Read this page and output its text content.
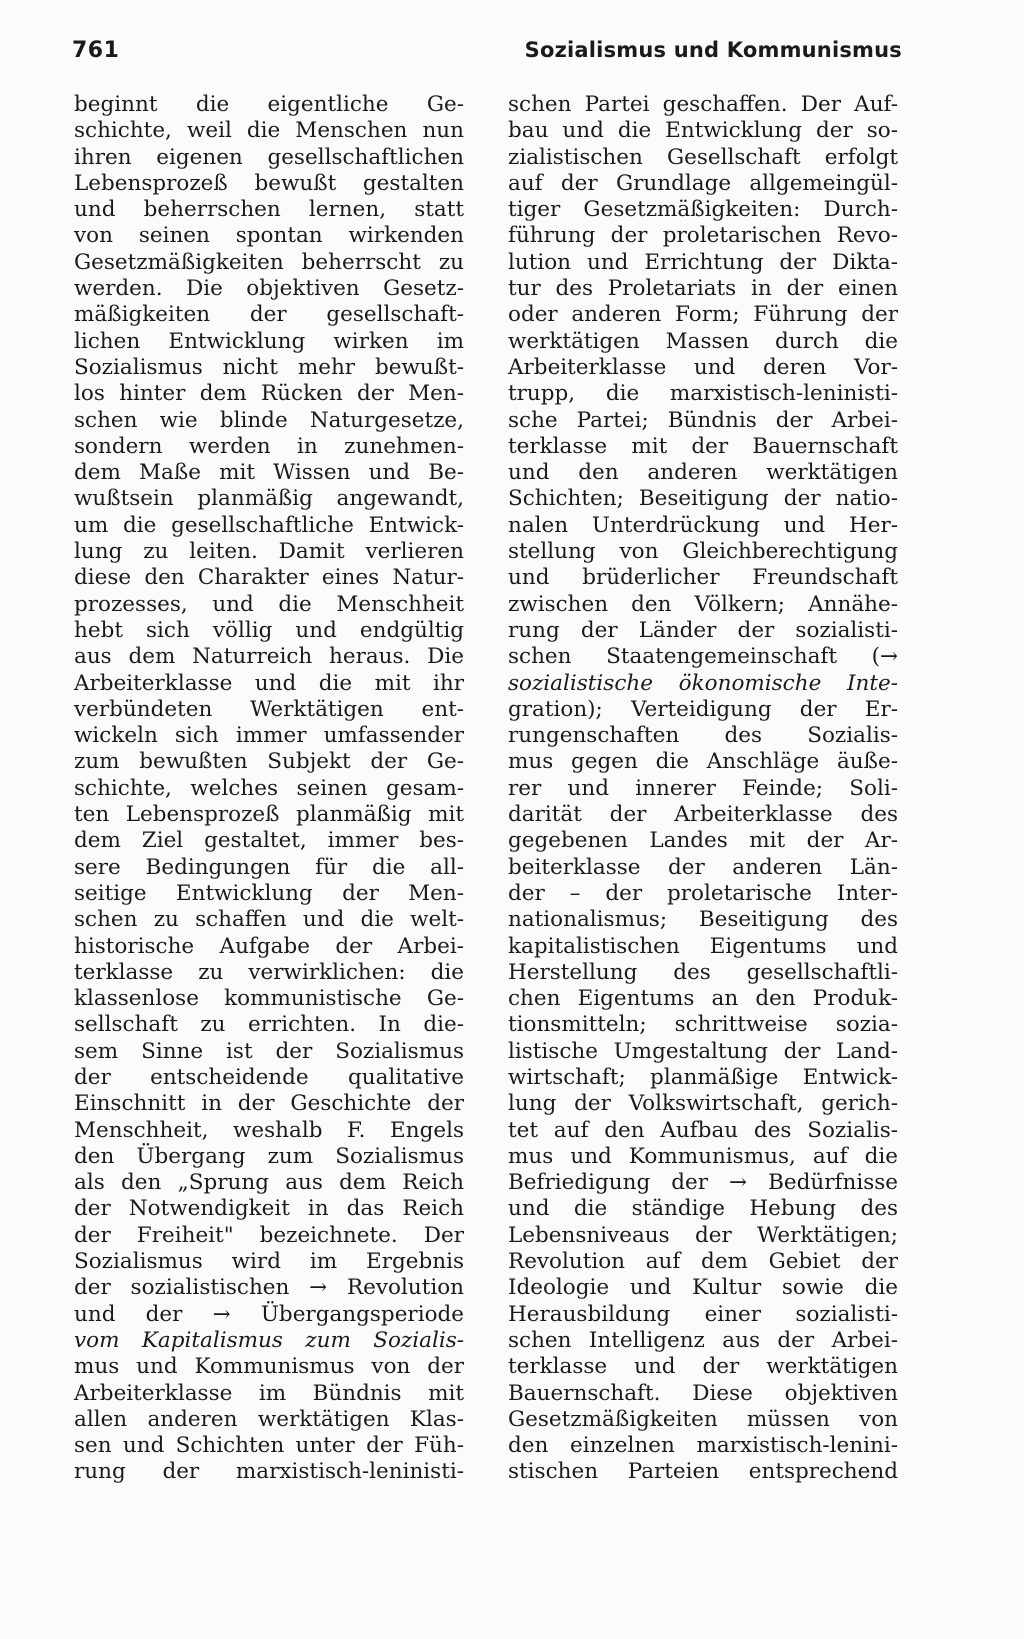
761	Sozialismus und Kommunismus
beginnt die eigentliche Ge-
schichte, weil die Menschen nun
ihren eigenen gesellschaftlichen
Lebensprozeß bewußt gestalten
und beherrschen lernen, statt
von seinen spontan wirkenden
Gesetzmäßigkeiten beherrscht zu
werden. Die objektiven Gesetz-
mäßigkeiten der gesellschaft-
lichen Entwicklung wirken im
Sozialismus nicht mehr bewußt-
los hinter dem Rücken der Men-
schen wie blinde Naturgesetze,
sondern werden in zunehmen-
dem Maße mit Wissen und Be-
wußtsein planmäßig angewandt,
um die gesellschaftliche Entwick-
lung zu leiten. Damit verlieren
diese den Charakter eines Natur-
prozesses, und die Menschheit
hebt sich völlig und endgültig
aus dem Naturreich heraus. Die
Arbeiterklasse und die mit ihr
verbündeten Werktätigen ent-
wickeln sich immer umfassender
zum bewußten Subjekt der Ge-
schichte, welches seinen gesam-
ten Lebensprozeß planmäßig mit
dem Ziel gestaltet, immer bes-
sere Bedingungen für die all-
seitige Entwicklung der Men-
schen zu schaffen und die welt-
historische Aufgabe der Arbei-
terklasse zu verwirklichen: die
klassenlose kommunistische Ge-
sellschaft zu errichten. In die-
sem Sinne ist der Sozialismus
der entscheidende qualitative
Einschnitt in der Geschichte der
Menschheit, weshalb F. Engels
den Übergang zum Sozialismus
als den „Sprung aus dem Reich
der Notwendigkeit in das Reich
der Freiheit" bezeichnete. Der
Sozialismus wird im Ergebnis
der sozialistischen → Revolution
und der → Übergangsperiode
vom Kapitalismus zum Sozialis-
mus und Kommunismus von der
Arbeiterklasse im Bündnis mit
allen anderen werktätigen Klas-
sen und Schichten unter der Füh-
rung der marxistisch-leninisti-
schen Partei geschaffen. Der Auf-
bau und die Entwicklung der so-
zialistischen Gesellschaft erfolgt
auf der Grundlage allgemeingül-
tiger Gesetzmäßigkeiten: Durch-
führung der proletarischen Revo-
lution und Errichtung der Dikta-
tur des Proletariats in der einen
oder anderen Form; Führung der
werktätigen Massen durch die
Arbeiterklasse und deren Vor-
trupp, die marxistisch-leninisti-
sche Partei; Bündnis der Arbei-
terklasse mit der Bauernschaft
und den anderen werktätigen
Schichten; Beseitigung der natio-
nalen Unterdrückung und Her-
stellung von Gleichberechtigung
und brüderlicher Freundschaft
zwischen den Völkern; Annähe-
rung der Länder der sozialisti-
schen Staatengemeinschaft (→
sozialistische ökonomische Inte-
gration); Verteidigung der Er-
rungenschaften des Sozialis-
mus gegen die Anschläge äuße-
rer und innerer Feinde; Soli-
darität der Arbeiterklasse des
gegebenen Landes mit der Ar-
beiterklasse der anderen Län-
der – der proletarische Inter-
nationalismus; Beseitigung des
kapitalistischen Eigentums und
Herstellung des gesellschaftli-
chen Eigentums an den Produk-
tionsmitteln; schrittweise sozia-
listische Umgestaltung der Land-
wirtschaft; planmäßige Entwick-
lung der Volkswirtschaft, gerich-
tet auf den Aufbau des Sozialis-
mus und Kommunismus, auf die
Befriedigung der → Bedürfnisse
und die ständige Hebung des
Lebensniveaus der Werktätigen;
Revolution auf dem Gebiet der
Ideologie und Kultur sowie die
Herausbildung einer sozialisti-
schen Intelligenz aus der Arbei-
terklasse und der werktätigen
Bauernschaft. Diese objektiven
Gesetzmäßigkeiten müssen von
den einzelnen marxistisch-lenini-
stischen Parteien entsprechend
